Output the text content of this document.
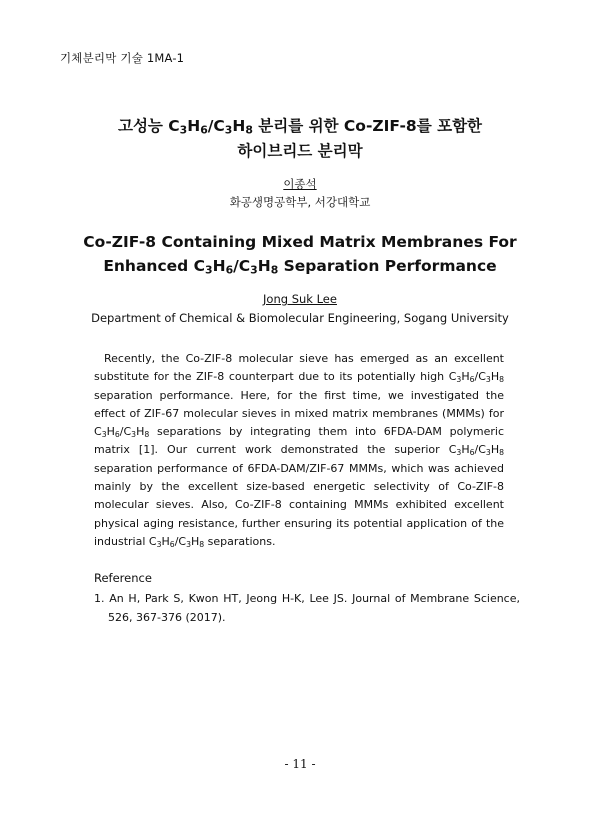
기체분리막 기술 1MA-1
고성능 $C_3H_6/C_3H_8$ 분리를 위한 Co-ZIF-8를 포함한
하이브리드 분리막
이종석
화공생명공학부, 서강대학교
Co-ZIF-8 Containing Mixed Matrix Membranes For
Enhanced $C_3H_6/C_3H_8$ Separation Performance
Jong Suk Lee
Department of Chemical & Biomolecular Engineering, Sogang University
Recently, the Co-ZIF-8 molecular sieve has emerged as an excellent substitute for the ZIF-8 counterpart due to its potentially high $C_3H_6/C_3H_8$ separation performance. Here, for the first time, we investigated the effect of ZIF-67 molecular sieves in mixed matrix membranes (MMMs) for $C_3H_6/C_3H_8$ separations by integrating them into 6FDA-DAM polymeric matrix [1]. Our current work demonstrated the superior $C_3H_6/C_3H_8$ separation performance of 6FDA-DAM/ZIF-67 MMMs, which was achieved mainly by the excellent size-based energetic selectivity of Co-ZIF-8 molecular sieves. Also, Co-ZIF-8 containing MMMs exhibited excellent physical aging resistance, further ensuring its potential application of the industrial $C_3H_6/C_3H_8$ separations.
Reference
1. An H, Park S, Kwon HT, Jeong H-K, Lee JS. Journal of Membrane Science, 526, 367-376 (2017).
- 11 -
